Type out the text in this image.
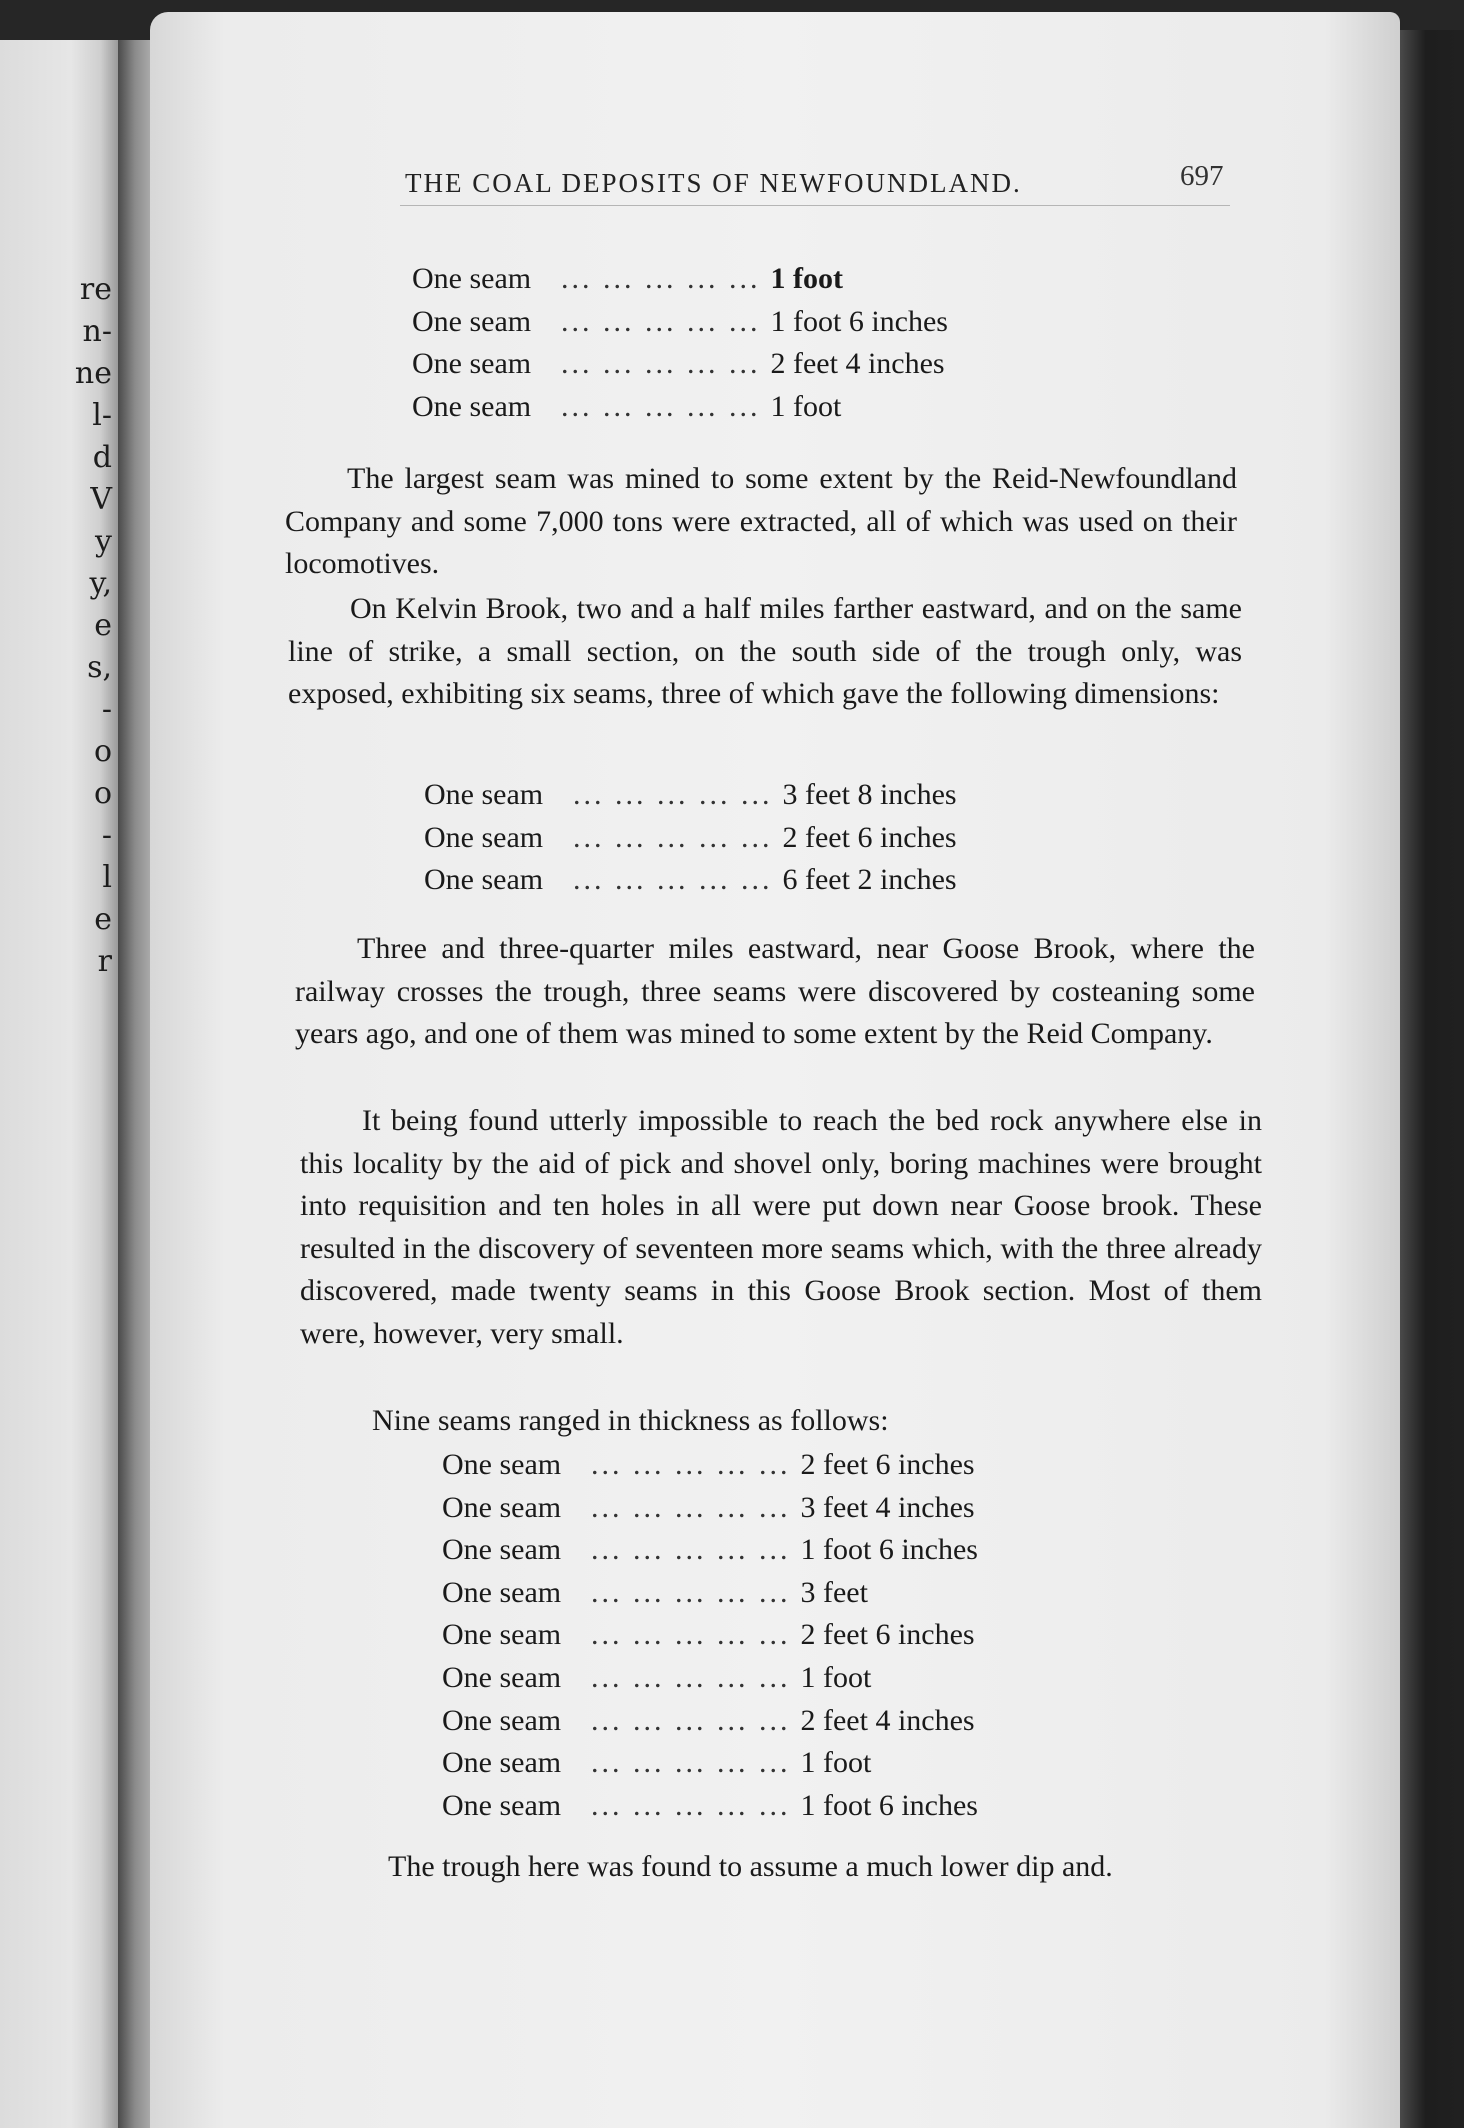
re
n-
ne
l-
d
V
y
y,
e
s,
-
o
o
-
l
e
r
THE COAL DEPOSITS OF NEWFOUNDLAND.	697
One seam ... ... ... ... ... 1 foot
One seam ... ... ... ... ... 1 foot 6 inches
One seam ... ... ... ... ... 2 feet 4 inches
One seam ... ... ... ... ... 1 foot

The largest seam was mined to some extent by the Reid-Newfoundland Company and some 7,000 tons were extracted, all of which was used on their locomotives.

On Kelvin Brook, two and a half miles farther eastward, and on the same line of strike, a small section, on the south side of the trough only, was exposed, exhibiting six seams, three of which gave the following dimensions:

One seam ... ... ... ... ... 3 feet 8 inches
One seam ... ... ... ... ... 2 feet 6 inches
One seam ... ... ... ... ... 6 feet 2 inches

Three and three-quarter miles eastward, near Goose Brook, where the railway crosses the trough, three seams were discovered by costeaning some years ago, and one of them was mined to some extent by the Reid Company.

It being found utterly impossible to reach the bed rock anywhere else in this locality by the aid of pick and shovel only, boring machines were brought into requisition and ten holes in all were put down near Goose brook. These resulted in the discovery of seventeen more seams which, with the three already discovered, made twenty seams in this Goose Brook section. Most of them were, however, very small.

Nine seams ranged in thickness as follows:

One seam ... ... ... ... ... 2 feet 6 inches
One seam ... ... ... ... ... 3 feet 4 inches
One seam ... ... ... ... ... 1 foot 6 inches
One seam ... ... ... ... ... 3 feet
One seam ... ... ... ... ... 2 feet 6 inches
One seam ... ... ... ... ... 1 foot
One seam ... ... ... ... ... 2 feet 4 inches
One seam ... ... ... ... ... 1 foot
One seam ... ... ... ... ... 1 foot 6 inches

The trough here was found to assume a much lower dip and.
